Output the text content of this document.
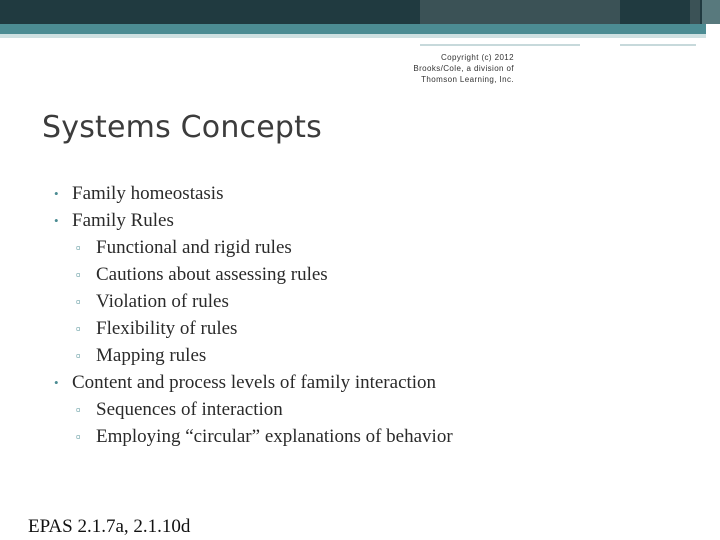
Copyright (c) 2012 Brooks/Cole, a division of Thomson Learning, Inc.
Systems Concepts
• Family homeostasis
• Family Rules
▫ Functional and rigid rules
▫ Cautions about assessing rules
▫ Violation of rules
▫ Flexibility of rules
▫ Mapping rules
• Content and process levels of family interaction
▫ Sequences of interaction
▫ Employing “circular” explanations of behavior
EPAS 2.1.7a, 2.1.10d
